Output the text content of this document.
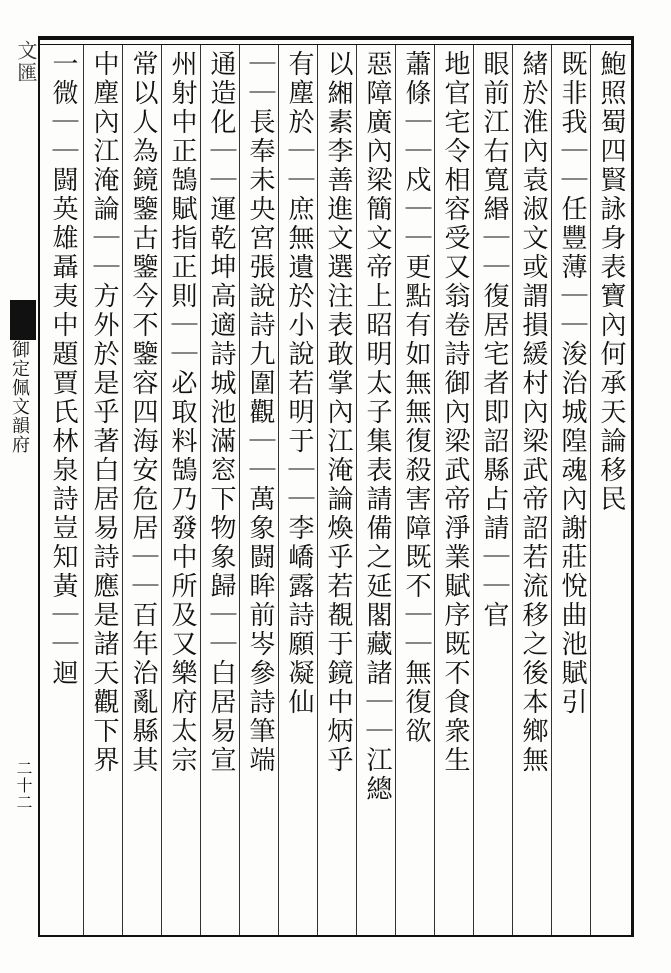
文匯
御定佩文韻府
二十二
鮑照蜀四賢詠身表寶內何承天論移民
既非我｜｜任豐薄｜｜浚治城隍魂內謝莊悅曲池賦引
緒於淮內袁淑文或謂損緩村內梁武帝詔若流移之後本鄉無
眼前江右寬緡｜｜復居宅者即詔縣占請｜｜官
地官宅令相容受又翁卷詩御內梁武帝淨業賦序既不食衆生
蕭條｜｜戍｜｜更點有如無無復殺害障既不｜｜無復欲
惡障廣內梁簡文帝上昭明太子集表請備之延閣藏諸｜｜江總
以緗素李善進文選注表敢掌內江淹論煥乎若覩于鏡中炳乎
有塵於｜｜庶無遺於小說若明于｜｜李嶠露詩願凝仙
｜｜長奉未央宮張說詩九圍觀｜｜萬象闘眸前岑參詩筆端
通造化｜｜運乾坤高適詩城池滿窓下物象歸｜｜白居易宣
州射中正鵠賦指正則｜｜必取料鵠乃發中所及又樂府太宗
常以人為鏡鑒古鑒今不鑒容四海安危居｜｜百年治亂縣其
中塵內江淹論｜｜方外於是乎著白居易詩應是諸天觀下界
一微｜｜闘英雄聶夷中題賈氏林泉詩豈知黃｜｜迴
